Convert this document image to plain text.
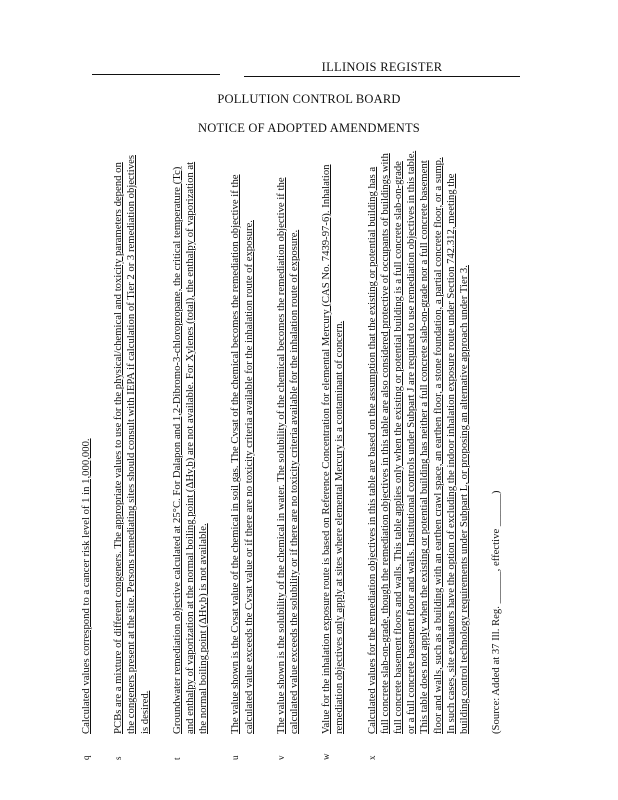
ILLINOIS REGISTER
POLLUTION CONTROL BOARD
NOTICE OF ADOPTED AMENDMENTS
q
Calculated values correspond to a cancer risk level of 1 in 1,000,000.
s
PCBs are a mixture of different congeners. The appropriate values to use for the physical/chemical and toxicity parameters depend on the congeners present at the site. Persons remediating sites should consult with IEPA if calculation of Tier 2 or 3 remediation objectives is desired.
t
Groundwater remediation objective calculated at 25°C. For Dalapon and 1,2-Dibromo-3-chloropropane, the critical temperature (Tc) and enthalpy of vaporization at the normal boiling point (ΔHv,b) are not available. For Xylenes (total), the enthalpy of vaporization at the normal boiling point (ΔHv,b) is not available.
u
The value shown is the Cvsat value of the chemical in soil gas. The Cvsat of the chemical becomes the remediation objective if the calculated value exceeds the Cvsat value or if there are no toxicity criteria available for the inhalation route of exposure.
v
The value shown is the solubility of the chemical in water. The solubility of the chemical becomes the remediation objective if the calculated value exceeds the solubility or if there are no toxicity criteria available for the inhalation route of exposure.
w
Value for the inhalation exposure route is based on Reference Concentration for elemental Mercury (CAS No. 7439-97-6). Inhalation remediation objectives only apply at sites where elemental Mercury is a contaminant of concern.
x
Calculated values for the remediation objectives in this table are based on the assumption that the existing or potential building has a full concrete slab-on-grade, though the remediation objectives in this table are also considered protective of occupants of buildings with full concrete basement floors and walls. This table applies only when the existing or potential building is a full concrete slab-on-grade or a full concrete basement floor and walls. Institutional controls under Subpart J are required to use remediation objectives in this table. This table does not apply when the existing or potential building has neither a full concrete slab-on-grade nor a full concrete basement floor and walls, such as a building with an earthen crawl space, an earthen floor, a stone foundation, a partial concrete floor, or a sump. In such cases, site evaluators have the option of excluding the indoor inhalation exposure route under Section 742.312, meeting the building control technology requirements under Subpart L, or proposing an alternative approach under Tier 3. (Source: Added at 37 Ill. Reg. ______, effective ______)
